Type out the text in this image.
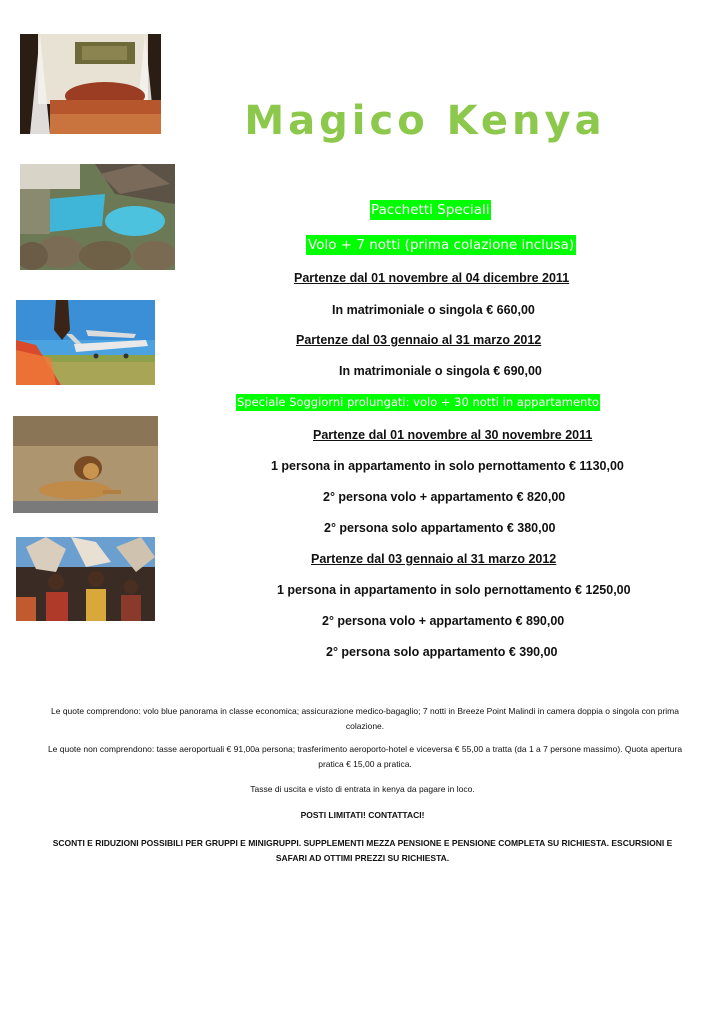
Magico Kenya
Pacchetti Speciali
Volo + 7 notti (prima colazione inclusa)
Speciale Soggiorni prolungati: volo + 30 notti in appartamento
Partenze dal 01 novembre al 04 dicembre 2011
In matrimoniale o singola € 660,00
Partenze dal 03 gennaio al 31 marzo 2012
In matrimoniale o singola € 690,00
Partenze dal 01 novembre al 30 novembre 2011
1 persona in appartamento in solo pernottamento € 1130,00
2° persona volo + appartamento € 820,00
2° persona solo appartamento € 380,00
Partenze dal 03 gennaio al 31 marzo 2012
1 persona in appartamento in solo pernottamento € 1250,00
2° persona volo + appartamento € 890,00
2° persona solo appartamento € 390,00
Le quote comprendono: volo blue panorama in classe economica; assicurazione medico-bagaglio; 7 notti in Breeze Point Malindi in camera doppia o singola con prima colazione.
Le quote non comprendono: tasse aeroportuali € 91,00a persona; trasferimento aeroporto-hotel e viceversa € 55,00 a tratta (da 1 a 7 persone massimo). Quota apertura pratica € 15,00 a pratica.
Tasse di uscita e visto di entrata in kenya da pagare in loco.
POSTI LIMITATI! CONTATTACI!
SCONTI E RIDUZIONI POSSIBILI PER GRUPPI E MINIGRUPPI. SUPPLEMENTI MEZZA PENSIONE E PENSIONE COMPLETA SU RICHIESTA. ESCURSIONI E SAFARI AD OTTIMI PREZZI SU RICHIESTA.
